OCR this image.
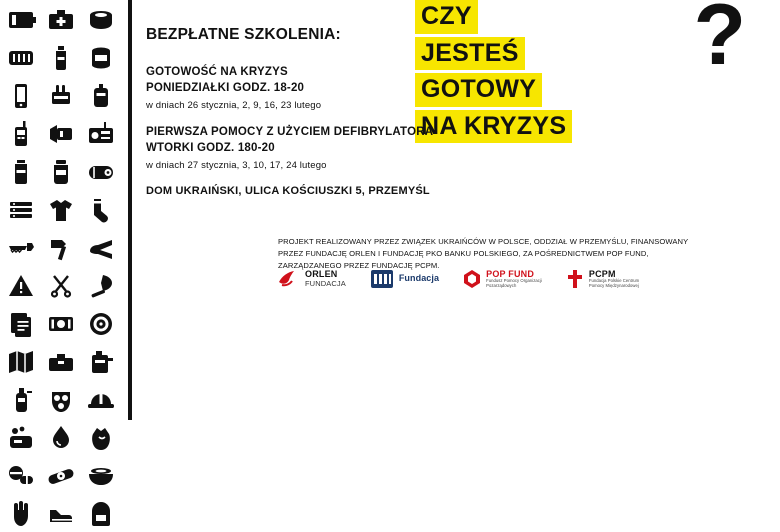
CZY
JESTEŚ
GOTOWY
NA KRYZYS
?
BEZPŁATNE SZKOLENIA:
GOTOWOŚĆ NA KRYZYS
PONIEDZIAŁKI GODZ. 18-20
w dniach 26 stycznia, 2, 9, 16, 23 lutego
PIERWSZA POMOCY Z UŻYCIEM DEFIBRYLATORA
WTORKI GODZ. 180-20
w dniach 27 stycznia, 3, 10, 17, 24 lutego
DOM UKRAIŃSKI, ULICA KOŚCIUSZKI 5, PRZEMYŚL
PROJEKT REALIZOWANY PRZEZ ZWIĄZEK UKRAIŃCÓW W POLSCE, ODDZIAŁ W PRZEMYŚLU, FINANSOWANY PRZEZ FUNDACJĘ ORLEN I FUNDACJĘ PKO BANKU POLSKIEGO, ZA POŚREDNICTWEM POP FUND, ZARZĄDZANEGO PRZEZ FUNDACJĘ PCPM.
ORLEN
FUNDACJA	Fundacja	POP FUND
Fundusz Pomocy Organizacji
Pozarządowych
PCPM
Fundacja Polskie Centrum
Pomocy Międzynarodowej
